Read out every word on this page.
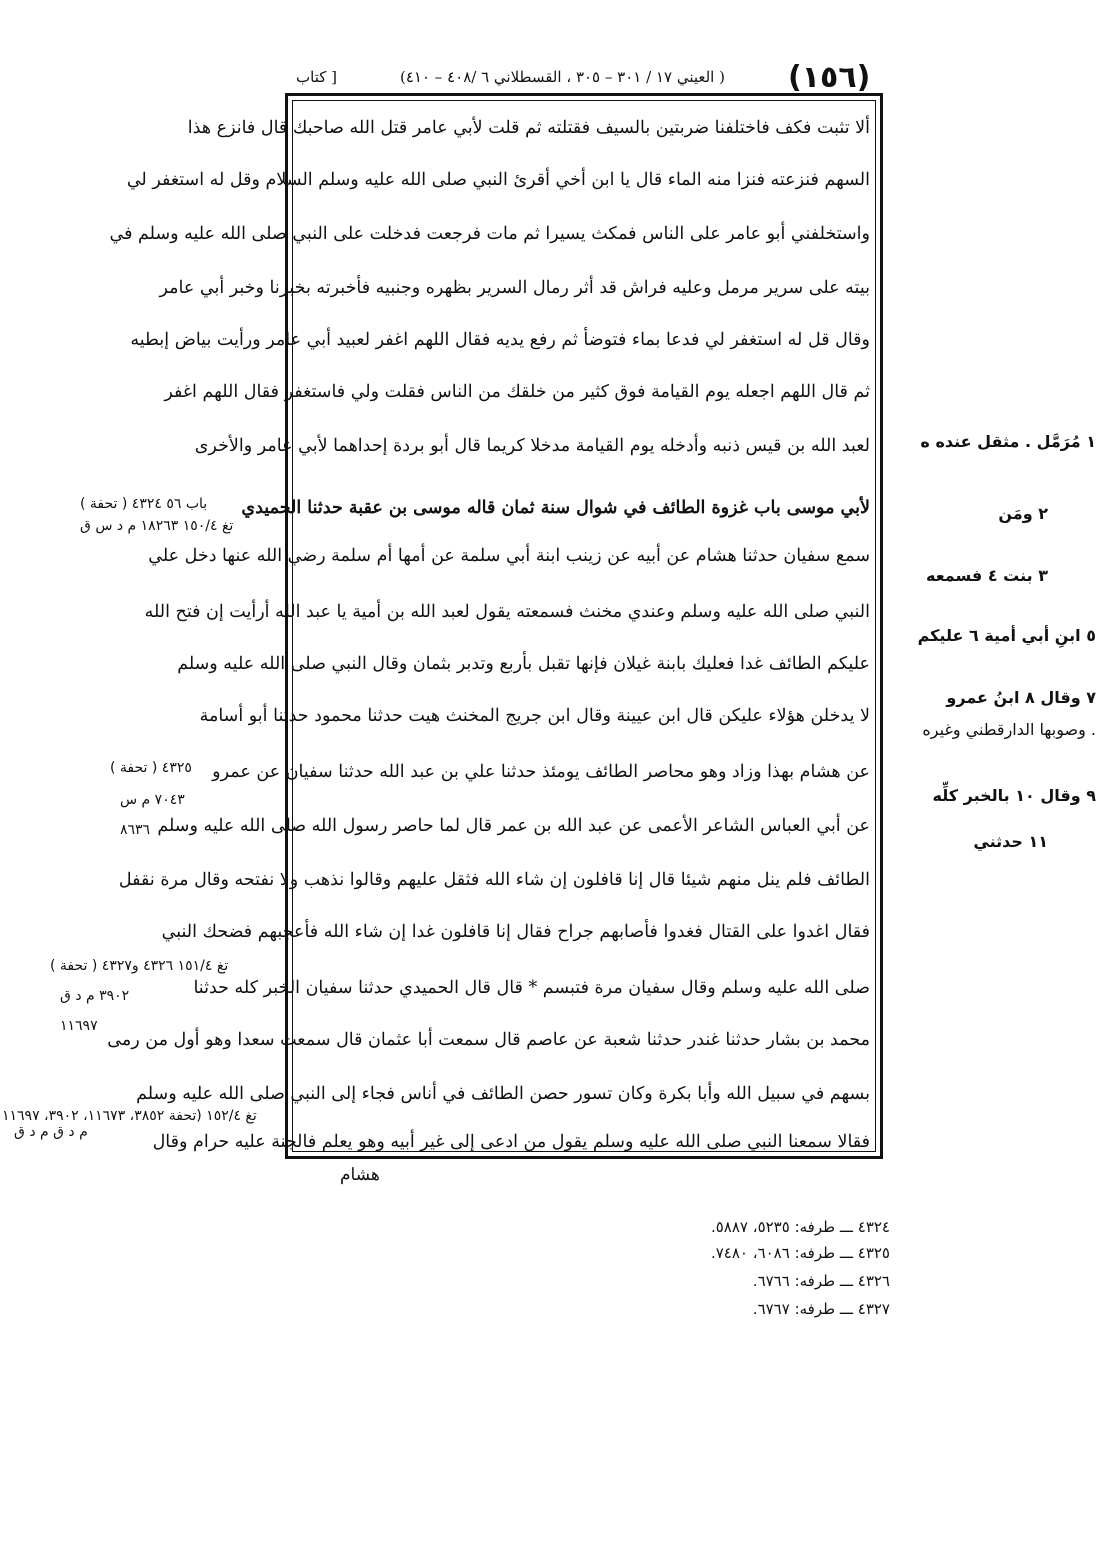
(١٥٦)
( العيني ١٧ / ٣٠١ – ٣٠٥ ، القسطلاني ٦ /٤٠٨ – ٤١٠)
[ كتاب
ألا تثبت فكف فاختلفنا ضربتين بالسيف فقتلته ثم قلت لأبي عامر قتل الله صاحبك قال فانزع هذا
السهم فنزعته فنزا منه الماء قال يا ابن أخي أقرئ النبي صلى الله عليه وسلم السلام وقل له استغفر لي
واستخلفني أبو عامر على الناس فمكث يسيرا ثم مات فرجعت فدخلت على النبي صلى الله عليه وسلم في
بيته على سرير مرمل وعليه فراش قد أثر رمال السرير بظهره وجنبيه فأخبرته بخبرنا وخبر أبي عامر
وقال قل له استغفر لي فدعا بماء فتوضأ ثم رفع يديه فقال اللهم اغفر لعبيد أبي عامر ورأيت بياض إبطيه
ثم قال اللهم اجعله يوم القيامة فوق كثير من خلقك من الناس فقلت ولي فاستغفر فقال اللهم اغفر
لعبد الله بن قيس ذنبه وأدخله يوم القيامة مدخلا كريما قال أبو بردة إحداهما لأبي عامر والأخرى
لأبي موسى باب غزوة الطائف في شوال سنة ثمان قاله موسى بن عقبة حدثنا الحميدي
سمع سفيان حدثنا هشام عن أبيه عن زينب ابنة أبي سلمة عن أمها أم سلمة رضي الله عنها دخل علي
النبي صلى الله عليه وسلم وعندي مخنث فسمعته يقول لعبد الله بن أمية يا عبد الله أرأيت إن فتح الله
عليكم الطائف غدا فعليك بابنة غيلان فإنها تقبل بأربع وتدبر بثمان وقال النبي صلى الله عليه وسلم
لا يدخلن هؤلاء عليكن قال ابن عيينة وقال ابن جريج المخنث هيت حدثنا محمود حدثنا أبو أسامة
عن هشام بهذا وزاد وهو محاصر الطائف يومئذ حدثنا علي بن عبد الله حدثنا سفيان عن عمرو
عن أبي العباس الشاعر الأعمى عن عبد الله بن عمر قال لما حاصر رسول الله صلى الله عليه وسلم
الطائف فلم ينل منهم شيئا قال إنا قافلون إن شاء الله فثقل عليهم وقالوا نذهب ولا نفتحه وقال مرة نقفل
فقال اغدوا على القتال فغدوا فأصابهم جراح فقال إنا قافلون غدا إن شاء الله فأعجبهم فضحك النبي
صلى الله عليه وسلم وقال سفيان مرة فتبسم * قال قال الحميدي حدثنا سفيان الخبر كله حدثنا
محمد بن بشار حدثنا غندر حدثنا شعبة عن عاصم قال سمعت أبا عثمان قال سمعت سعدا وهو أول من رمى
بسهم في سبيل الله وأبا بكرة وكان تسور حصن الطائف في أناس فجاء إلى النبي صلى الله عليه وسلم
فقالا سمعنا النبي صلى الله عليه وسلم يقول من ادعى إلى غير أبيه وهو يعلم فالجنة عليه حرام وقال
هشام
١ مُرَمَّل . مثقل عنده ه
٢ ومَن
٣ بنت ٤ فسمعه
٥ ابنِ أبي أمية ٦ عليكم
٧ وقال ٨ ابنُ عمرو
. وصوبها الدارقطني وغيره
٩ وقال ١٠ بالخبر كلِّه
١١ حدثني
باب ٥٦ ٤٣٢٤ ( تحفة )
تغ ١٥٠/٤ ١٨٢٦٣ م د س ق
٤٣٢٥ ( تحفة )
٧٠٤٣ م س
٨٦٣٦
تغ ١٥١/٤ ٤٣٢٦ و٤٣٢٧ ( تحفة )
٣٩٠٢ م د ق
١١٦٩٧
تغ ١٥٢/٤ (تحفة ٣٨٥٢، ١١٦٧٣، ٣٩٠٢، ١١٦٩٧
م د ق م د ق
٤٣٢٤ ـــ طرفه: ٥٢٣٥، ٥٨٨٧.
٤٣٢٥ ـــ طرفه: ٦٠٨٦، ٧٤٨٠.
٤٣٢٦ ـــ طرفه: ٦٧٦٦.
٤٣٢٧ ـــ طرفه: ٦٧٦٧.
